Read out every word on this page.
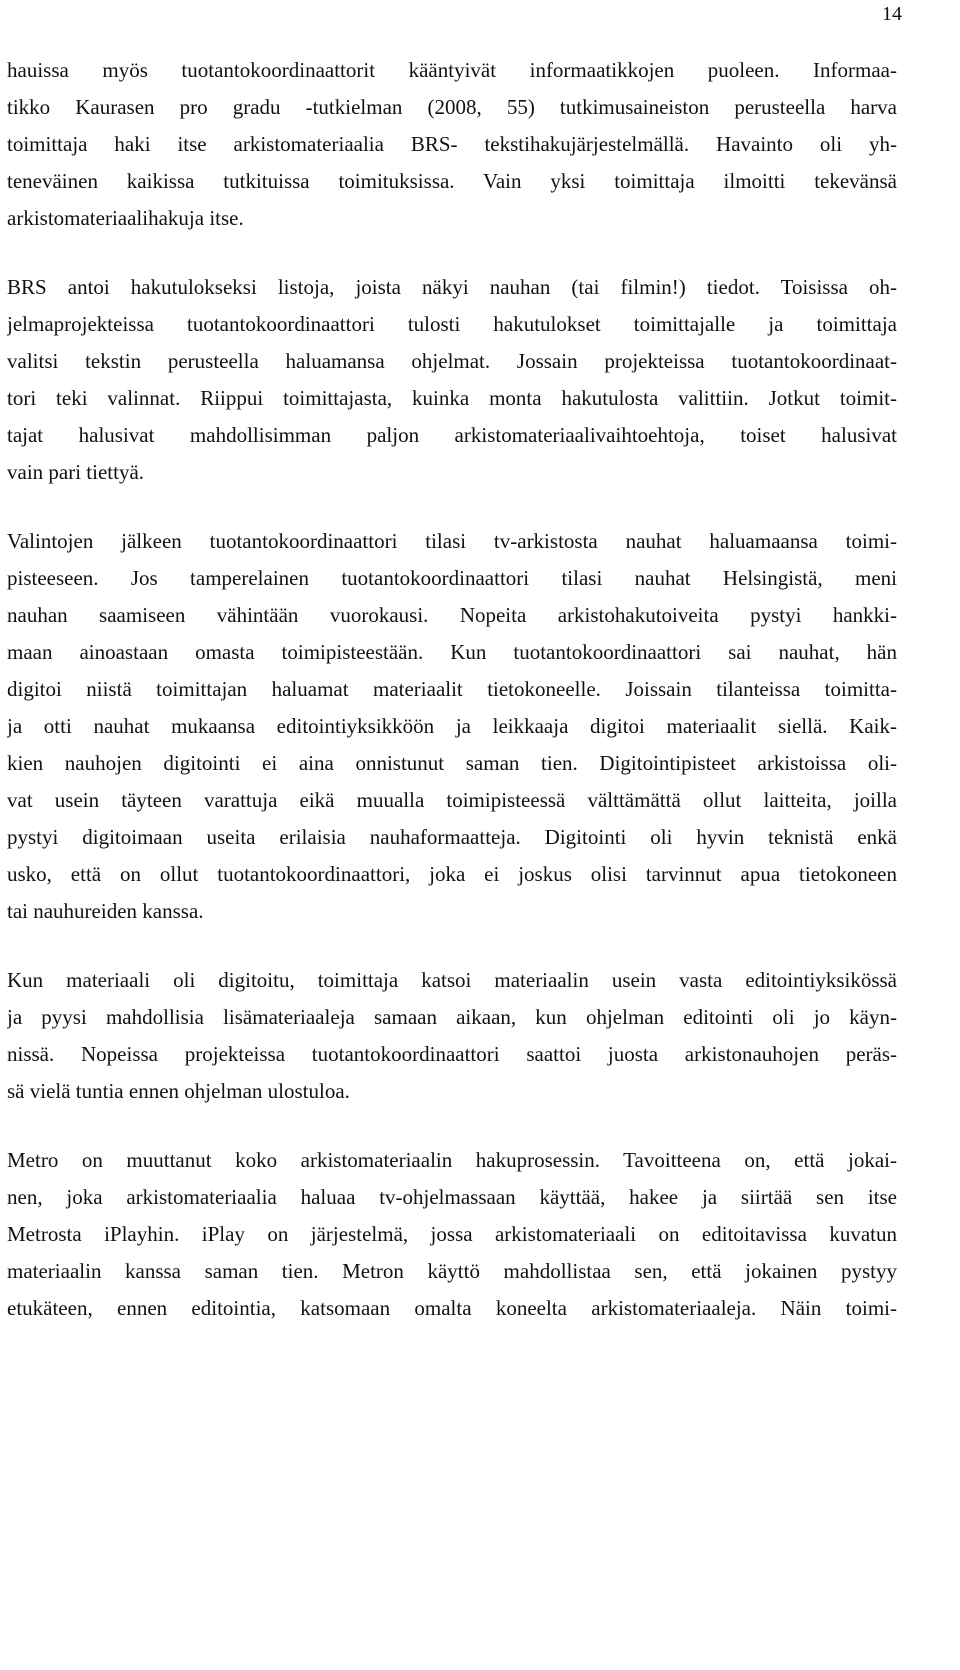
14

hauissa myös tuotantokoordinaattorit kääntyivät informaatikkojen puoleen. Informaa-
tikko Kaurasen pro gradu -tutkielman (2008, 55) tutkimusaineiston perusteella harva
toimittaja haki itse arkistomateriaalia BRS- tekstihakujärjestelmällä. Havainto oli yh-
teneväinen kaikissa tutkituissa toimituksissa. Vain yksi toimittaja ilmoitti tekevänsä
arkistomateriaalihakuja itse.

BRS antoi hakutulokseksi listoja, joista näkyi nauhan (tai filmin!) tiedot. Toisissa oh-
jelmaprojekteissa tuotantokoordinaattori tulosti hakutulokset toimittajalle ja toimittaja
valitsi tekstin perusteella haluamansa ohjelmat. Jossain projekteissa tuotantokoordinaat-
tori teki valinnat. Riippui toimittajasta, kuinka monta hakutulosta valittiin. Jotkut toimit-
tajat halusivat mahdollisimman paljon arkistomateriaalivaihtoehtoja, toiset halusivat
vain pari tiettyä.

Valintojen jälkeen tuotantokoordinaattori tilasi tv-arkistosta nauhat haluamaansa toimi-
pisteeseen. Jos tamperelainen tuotantokoordinaattori tilasi nauhat Helsingistä, meni
nauhan saamiseen vähintään vuorokausi. Nopeita arkistohakutoiveita pystyi hankki-
maan ainoastaan omasta toimipisteestään. Kun tuotantokoordinaattori sai nauhat, hän
digitoi niistä toimittajan haluamat materiaalit tietokoneelle. Joissain tilanteissa toimitta-
ja otti nauhat mukaansa editointiyksikköön ja leikkaaja digitoi materiaalit siellä. Kaik-
kien nauhojen digitointi ei aina onnistunut saman tien. Digitointipisteet arkistoissa oli-
vat usein täyteen varattuja eikä muualla toimipisteessä välttämättä ollut laitteita, joilla
pystyi digitoimaan useita erilaisia nauhaformaatteja. Digitointi oli hyvin teknistä enkä
usko, että on ollut tuotantokoordinaattori, joka ei joskus olisi tarvinnut apua tietokoneen
tai nauhureiden kanssa.

Kun materiaali oli digitoitu, toimittaja katsoi materiaalin usein vasta editointiyksikössä
ja pyysi mahdollisia lisämateriaaleja samaan aikaan, kun ohjelman editointi oli jo käyn-
nissä. Nopeissa projekteissa tuotantokoordinaattori saattoi juosta arkistonauhojen peräs-
sä vielä tuntia ennen ohjelman ulostuloa.

Metro on muuttanut koko arkistomateriaalin hakuprosessin. Tavoitteena on, että jokai-
nen, joka arkistomateriaalia haluaa tv-ohjelmassaan käyttää, hakee ja siirtää sen itse
Metrosta iPlayhin. iPlay on järjestelmä, jossa arkistomateriaali on editoitavissa kuvatun
materiaalin kanssa saman tien. Metron käyttö mahdollistaa sen, että jokainen pystyy
etukäteen, ennen editointia, katsomaan omalta koneelta arkistomateriaaleja. Näin toimi-
